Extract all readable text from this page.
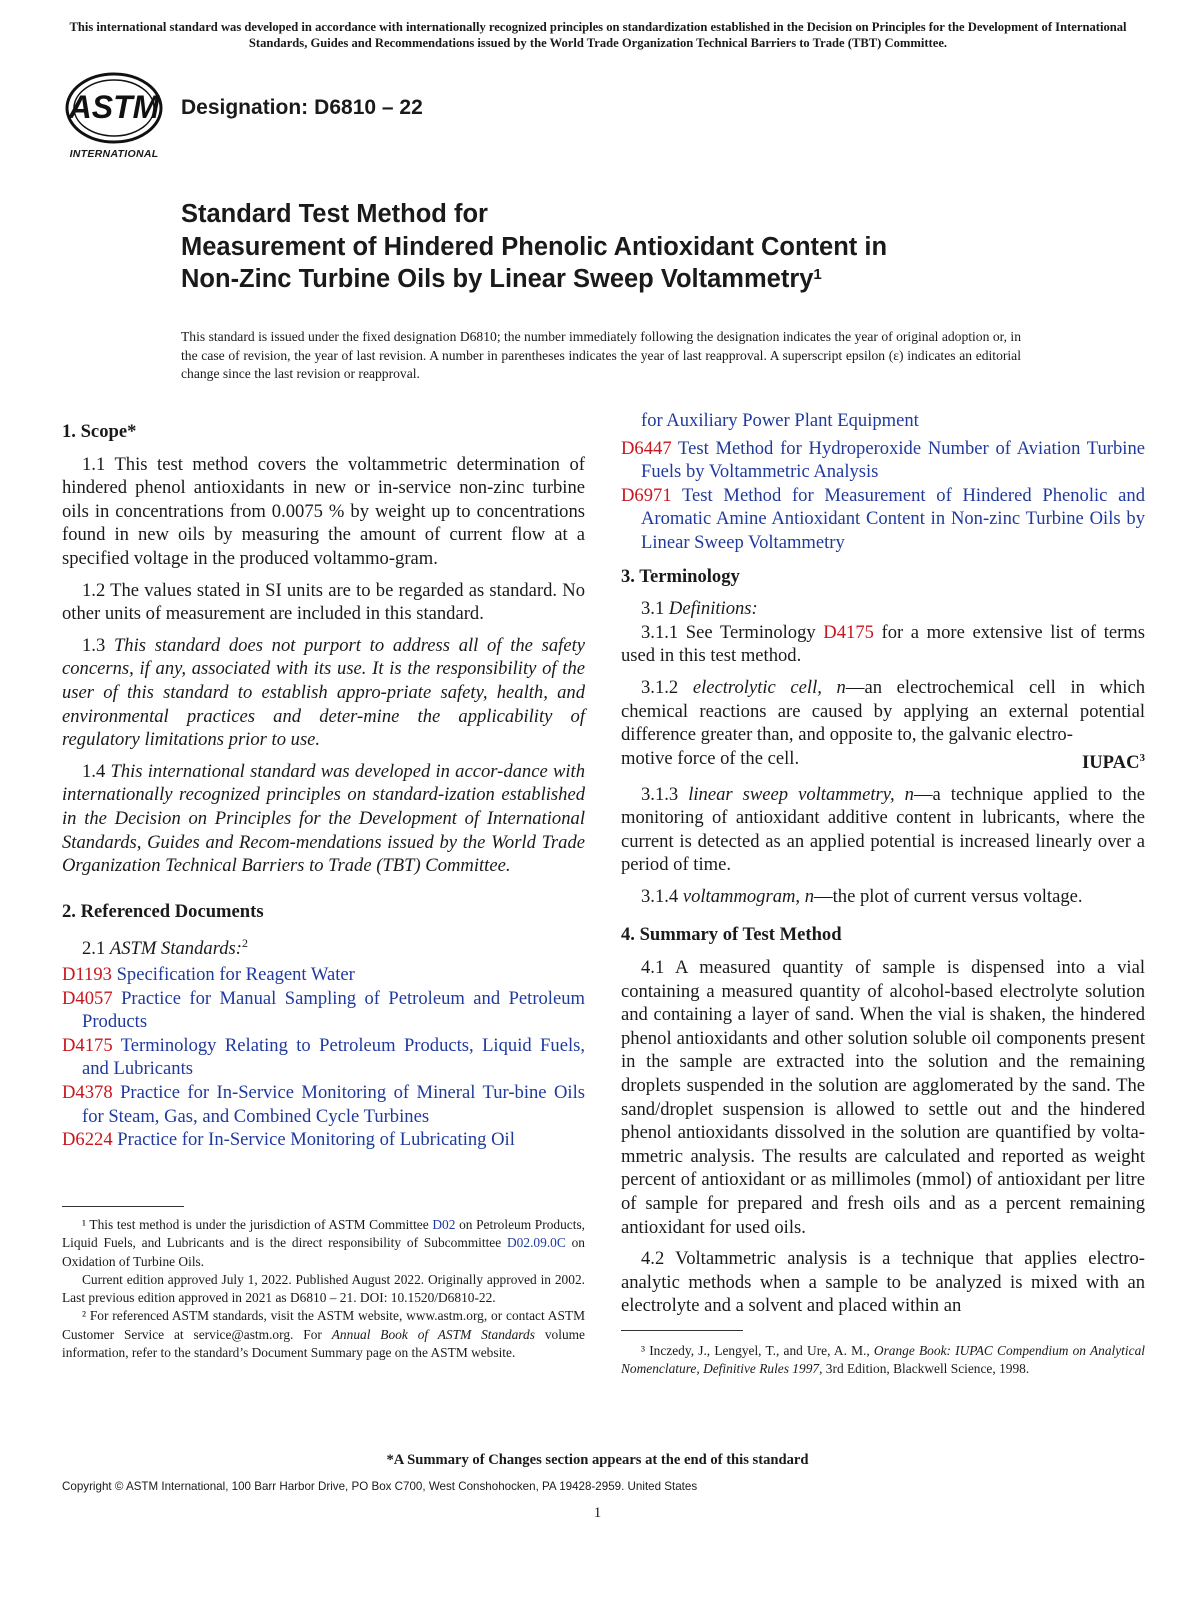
This international standard was developed in accordance with internationally recognized principles on standardization established in the Decision on Principles for the Development of International Standards, Guides and Recommendations issued by the World Trade Organization Technical Barriers to Trade (TBT) Committee.
ASTM
INTERNATIONAL
Designation: D6810 – 22
Standard Test Method for
Measurement of Hindered Phenolic Antioxidant Content in
Non-Zinc Turbine Oils by Linear Sweep Voltammetry$^1$
This standard is issued under the fixed designation D6810; the number immediately following the designation indicates the year of original adoption or, in the case of revision, the year of last revision. A number in parentheses indicates the year of last reapproval. A superscript epsilon (ε) indicates an editorial change since the last revision or reapproval.
1. Scope*

1.1 This test method covers the voltammetric determination of hindered phenol antioxidants in new or in-service non-zinc turbine oils in concentrations from 0.0075 % by weight up to concentrations found in new oils by measuring the amount of current flow at a specified voltage in the produced voltammo-gram.

1.2 The values stated in SI units are to be regarded as standard. No other units of measurement are included in this standard.

1.3 This standard does not purport to address all of the safety concerns, if any, associated with its use. It is the responsibility of the user of this standard to establish appro-priate safety, health, and environmental practices and deter-mine the applicability of regulatory limitations prior to use.

1.4 This international standard was developed in accor-dance with internationally recognized principles on standard-ization established in the Decision on Principles for the Development of International Standards, Guides and Recom-mendations issued by the World Trade Organization Technical Barriers to Trade (TBT) Committee.

2. Referenced Documents

2.1 ASTM Standards:$^2$

D1193 Specification for Reagent Water

D4057 Practice for Manual Sampling of Petroleum and Petroleum Products

D4175 Terminology Relating to Petroleum Products, Liquid Fuels, and Lubricants

D4378 Practice for In-Service Monitoring of Mineral Tur-bine Oils for Steam, Gas, and Combined Cycle Turbines

D6224 Practice for In-Service Monitoring of Lubricating Oil

for Auxiliary Power Plant Equipment

D6447 Test Method for Hydroperoxide Number of Aviation Turbine Fuels by Voltammetric Analysis

D6971 Test Method for Measurement of Hindered Phenolic and Aromatic Amine Antioxidant Content in Non-zinc Turbine Oils by Linear Sweep Voltammetry

3. Terminology

3.1 Definitions:

3.1.1 See Terminology D4175 for a more extensive list of terms used in this test method.

3.1.2 electrolytic cell, n—an electrochemical cell in which chemical reactions are caused by applying an external potential difference greater than, and opposite to, the galvanic electro-

motive force of the cell.	IUPAC$^3$

3.1.3 linear sweep voltammetry, n—a technique applied to the monitoring of antioxidant additive content in lubricants, where the current is detected as an applied potential is increased linearly over a period of time.

3.1.4 voltammogram, n—the plot of current versus voltage.

4. Summary of Test Method

4.1 A measured quantity of sample is dispensed into a vial containing a measured quantity of alcohol-based electrolyte solution and containing a layer of sand. When the vial is shaken, the hindered phenol antioxidants and other solution soluble oil components present in the sample are extracted into the solution and the remaining droplets suspended in the solution are agglomerated by the sand. The sand/droplet suspension is allowed to settle out and the hindered phenol antioxidants dissolved in the solution are quantified by volta-mmetric analysis. The results are calculated and reported as weight percent of antioxidant or as millimoles (mmol) of antioxidant per litre of sample for prepared and fresh oils and as a percent remaining antioxidant for used oils.

4.2 Voltammetric analysis is a technique that applies electro-analytic methods when a sample to be analyzed is mixed with an electrolyte and a solvent and placed within an

¹ This test method is under the jurisdiction of ASTM Committee D02 on Petroleum Products, Liquid Fuels, and Lubricants and is the direct responsibility of Subcommittee D02.09.0C on Oxidation of Turbine Oils.

Current edition approved July 1, 2022. Published August 2022. Originally approved in 2002. Last previous edition approved in 2021 as D6810 – 21. DOI: 10.1520/D6810-22.

² For referenced ASTM standards, visit the ASTM website, www.astm.org, or contact ASTM Customer Service at service@astm.org. For Annual Book of ASTM Standards volume information, refer to the standard’s Document Summary page on the ASTM website.	³ Inczedy, J., Lengyel, T., and Ure, A. M., Orange Book: IUPAC Compendium on Analytical Nomenclature, Definitive Rules 1997, 3rd Edition, Blackwell Science, 1998.

*A Summary of Changes section appears at the end of this standard
Copyright © ASTM International, 100 Barr Harbor Drive, PO Box C700, West Conshohocken, PA 19428-2959. United States
1
